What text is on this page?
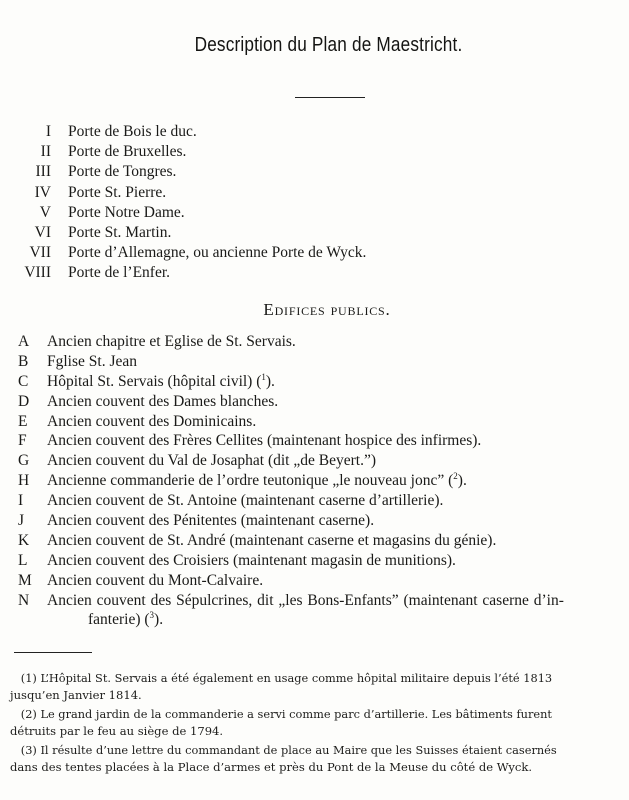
Description du Plan de Maestricht.
I Porte de Bois le duc.
II Porte de Bruxelles.
III Porte de Tongres.
IV Porte St. Pierre.
V Porte Notre Dame.
VI Porte St. Martin.
VII Porte d’Allemagne, ou ancienne Porte de Wyck.
VIII Porte de l’Enfer.
Edifices publics.
A	Ancien chapitre et Eglise de St. Servais.
B	Fglise St. Jean
C	Hôpital St. Servais (hôpital civil) ($^1$).
D	Ancien couvent des Dames blanches.
E	Ancien couvent des Dominicains.
F	Ancien couvent des Frères Cellites (maintenant hospice des infirmes).
G	Ancien couvent du Val de Josaphat (dit „de Beyert.”)
H	Ancienne commanderie de l’ordre teutonique „le nouveau jonc” ($^2$).
I	Ancien couvent de St. Antoine (maintenant caserne d’artillerie).
J	Ancien couvent des Pénitentes (maintenant caserne).
K	Ancien couvent de St. André (maintenant caserne et magasins du génie).
L	Ancien couvent des Croisiers (maintenant magasin de munitions).
M Ancien couvent du Mont-Calvaire.
N	Ancien couvent des Sépulcrines, dit „les Bons-Enfants” (maintenant caserne d’in-
fanterie) ($^3$).
(1) L’Hôpital St. Servais a été également en usage comme hôpital militaire depuis l’été 1813
jusqu’en Janvier 1814.
(2) Le grand jardin de la commanderie a servi comme parc d’artillerie. Les bâtiments furent
détruits par le feu au siège de 1794.
(3) Il résulte d’une lettre du commandant de place au Maire que les Suisses étaient casernés
dans des tentes placées à la Place d’armes et près du Pont de la Meuse du côté de Wyck.
